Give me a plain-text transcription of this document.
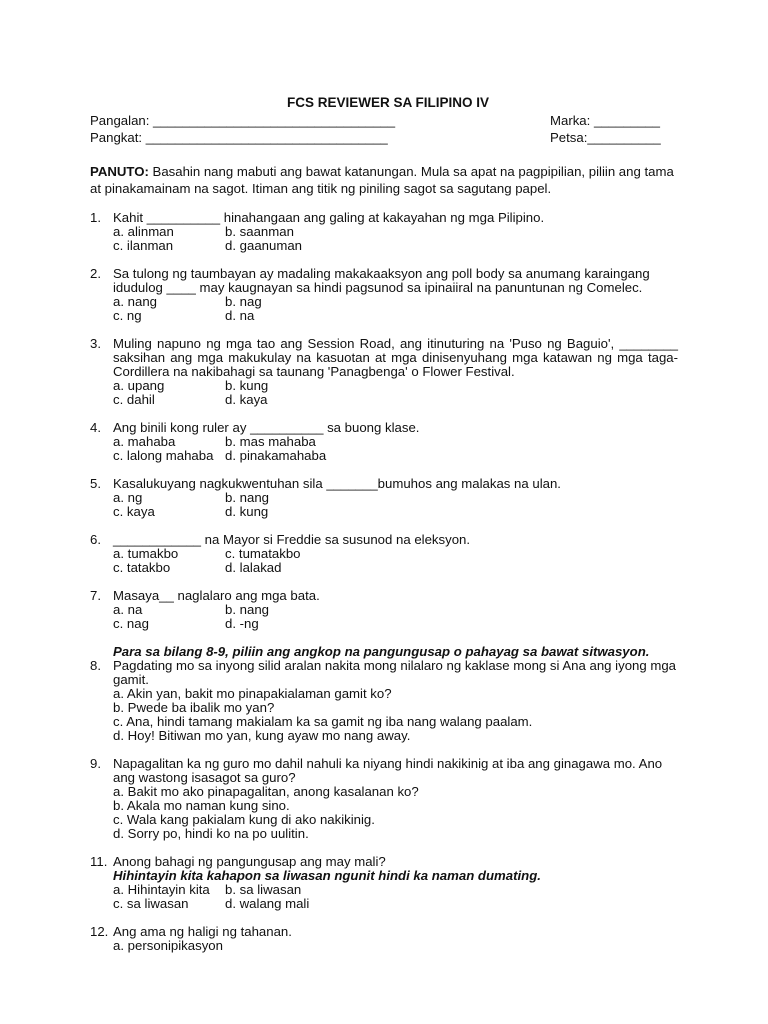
FCS REVIEWER SA FILIPINO IV
Pangalan: _________________________________	Marka: _________
Pangkat: _________________________________	Petsa:__________
PANUTO: Basahin nang mabuti ang bawat katanungan. Mula sa apat na pagpipilian, piliin ang tama at pinakamainam na sagot. Itiman ang titik ng piniling sagot sa sagutang papel.
1. Kahit __________ hinahangaan ang galing at kakayahan ng mga Pilipino.
a. alinman	b. saanman
c. ilanman	d. gaanuman
2. Sa tulong ng taumbayan ay madaling makakaaksyon ang poll body sa anumang karaingang idudulog ____ may kaugnayan sa hindi pagsunod sa ipinaiiral na panuntunan ng Comelec.
a. nang	b. nag
c. ng	d. na
3. Muling napuno ng mga tao ang Session Road, ang itinuturing na 'Puso ng Baguio', ________ saksihan ang mga makukulay na kasuotan at mga dinisenyuhang mga katawan ng mga taga-Cordillera na nakibahagi sa taunang 'Panagbenga' o Flower Festival.
a. upang	b. kung
c. dahil	d. kaya
4. Ang binili kong ruler ay __________ sa buong klase.
a. mahaba	b. mas mahaba
c. lalong mahaba d. pinakamahaba
5. Kasalukuyang nagkukwentuhan sila _______bumuhos ang malakas na ulan.
a. ng	b. nang
c. kaya	d. kung
6. ____________ na Mayor si Freddie sa susunod na eleksyon.
a. tumakbo	c. tumatakbo
c. tatakbo	d. lalakad
7. Masaya__ naglalaro ang mga bata.
a. na	b. nang
c. nag	d. -ng
Para sa bilang 8-9, piliin ang angkop na pangungusap o pahayag sa bawat sitwasyon.
8. Pagdating mo sa inyong silid aralan nakita mong nilalaro ng kaklase mong si Ana ang iyong mga gamit.
a. Akin yan, bakit mo pinapakialaman gamit ko?
b. Pwede ba ibalik mo yan?
c. Ana, hindi tamang makialam ka sa gamit ng iba nang walang paalam.
d. Hoy! Bitiwan mo yan, kung ayaw mo nang away.
9. Napagalitan ka ng guro mo dahil nahuli ka niyang hindi nakikinig at iba ang ginagawa mo. Ano ang wastong isasagot sa guro?
a. Bakit mo ako pinapagalitan, anong kasalanan ko?
b. Akala mo naman kung sino.
c. Wala kang pakialam kung di ako nakikinig.
d. Sorry po, hindi ko na po uulitin.
11. Anong bahagi ng pangungusap ang may mali?
Hihintayin kita kahapon sa liwasan ngunit hindi ka naman dumating.
a. Hihintayin kita	b. sa liwasan
c. sa liwasan	d. walang mali
12. Ang ama ng haligi ng tahanan.
a. personipikasyon
